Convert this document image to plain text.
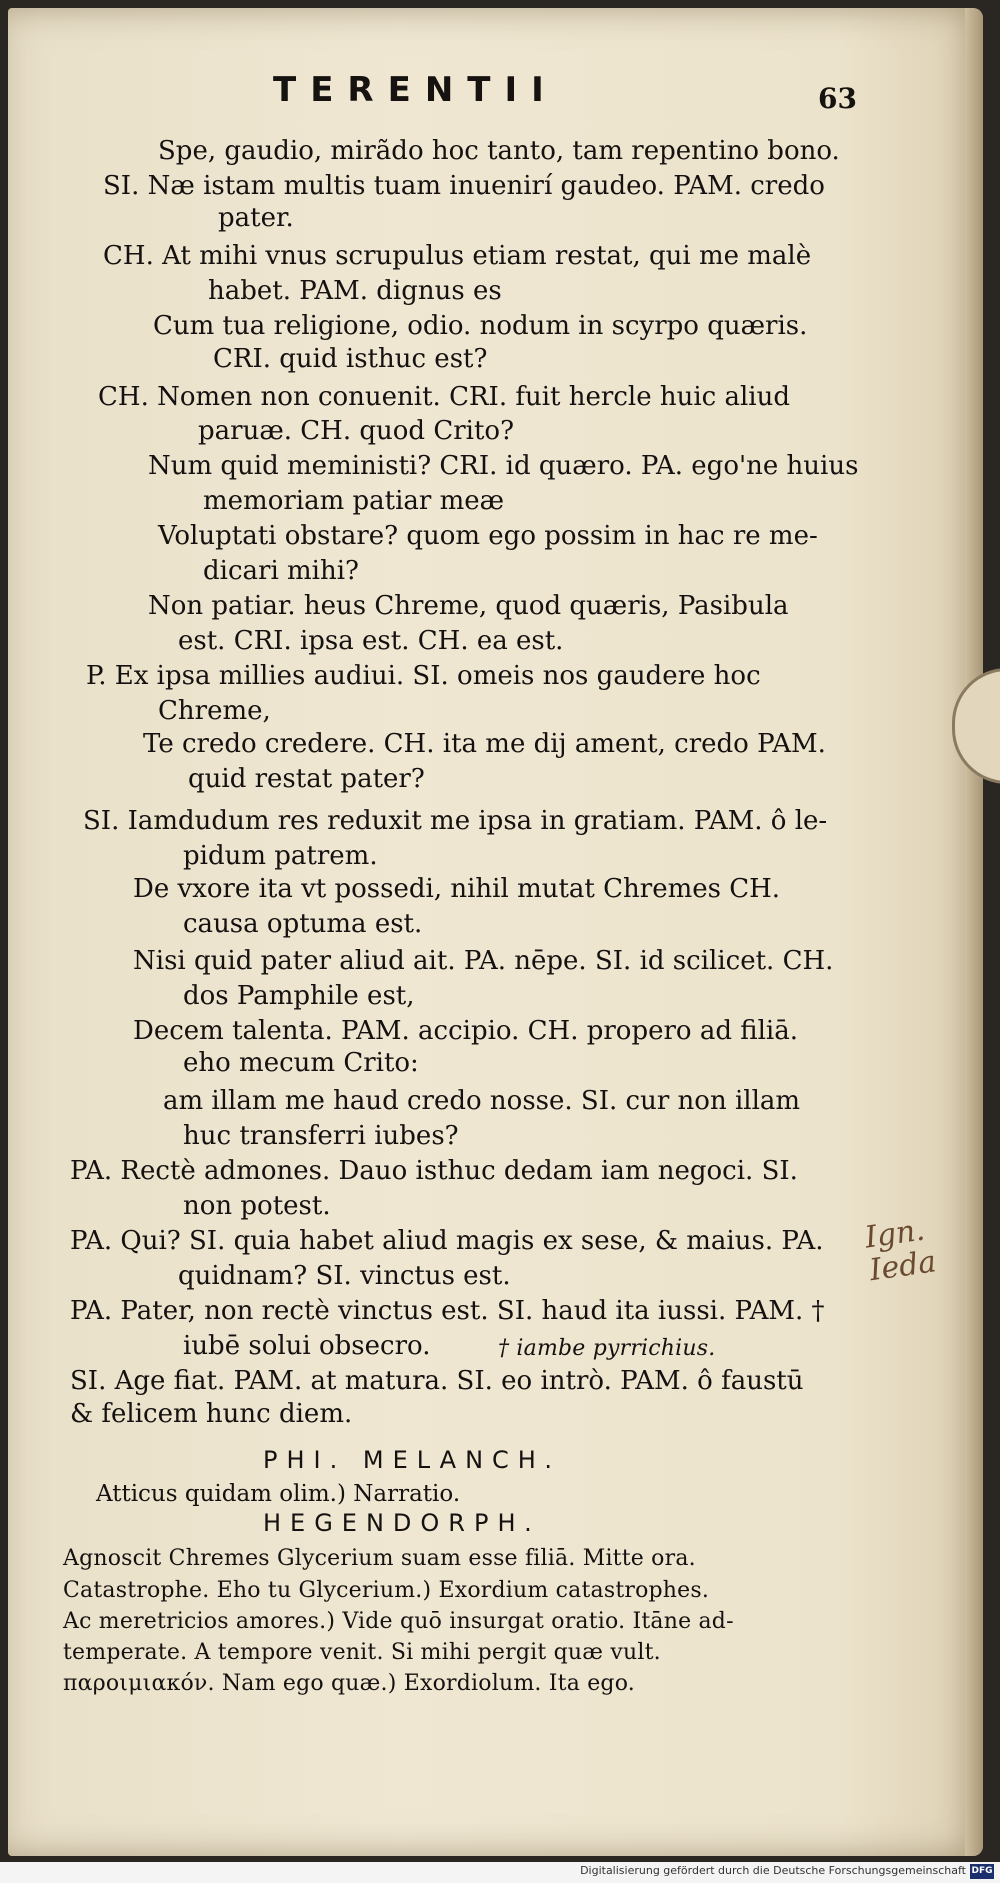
TERENTII	63
Spe, gaudio, mirãdo hoc tanto, tam repentino bono.
SI. Næ istam multis tuam inuenirí gaudeo. PAM. credo
pater.
CH. At mihi vnus scrupulus etiam restat, qui me malè
habet. PAM. dignus es
Cum tua religione, odio. nodum in scyrpo quæris.
CRI. quid isthuc est?
CH. Nomen non conuenit. CRI. fuit hercle huic aliud
paruæ. CH. quod Crito?
Num quid meministi? CRI. id quæro. PA. ego'ne huius
memoriam patiar meæ
Voluptati obstare? quom ego possim in hac re me-
dicari mihi?
Non patiar. heus Chreme, quod quæris, Pasibula
est. CRI. ipsa est. CH. ea est.
P. Ex ipsa millies audiui. SI. omeis nos gaudere hoc
Chreme,
Te credo credere. CH. ita me dij ament, credo PAM.
quid restat pater?
SI. Iamdudum res reduxit me ipsa in gratiam. PAM. ô le-
pidum patrem.
De vxore ita vt possedi, nihil mutat Chremes CH.
causa optuma est.
Nisi quid pater aliud ait. PA. nēpe. SI. id scilicet. CH.
dos Pamphile est,
Decem talenta. PAM. accipio. CH. propero ad filiā.
eho mecum Crito:
am illam me haud credo nosse. SI. cur non illam
huc transferri iubes?
PA. Rectè admones. Dauo isthuc dedam iam negoci. SI.
non potest.
PA. Qui? SI. quia habet aliud magis ex sese, & maius. PA.
quidnam? SI. vinctus est.
PA. Pater, non rectè vinctus est. SI. haud ita iussi. PAM. †
iubē solui obsecro.	† iambe pyrrichius.
SI. Age fiat. PAM. at matura. SI. eo intrò. PAM. ô faustū
& felicem hunc diem.
PHI. MELANCH.
Atticus quidam olim.) Narratio.
HEGENDORPH.
Agnoscit Chremes Glycerium suam esse filiā. Mitte ora.
Catastrophe. Eho tu Glycerium.) Exordium catastrophes.
Ac meretricios amores.) Vide quō insurgat oratio. Itāne ad-
temperate. A tempore venit. Si mihi pergit quæ vult.
παροιμιακόν. Nam ego quæ.) Exordiolum. Ita ego.
Ign. Ieda
Digitalisierung gefördert durch die Deutsche Forschungsgemeinschaft DFG
